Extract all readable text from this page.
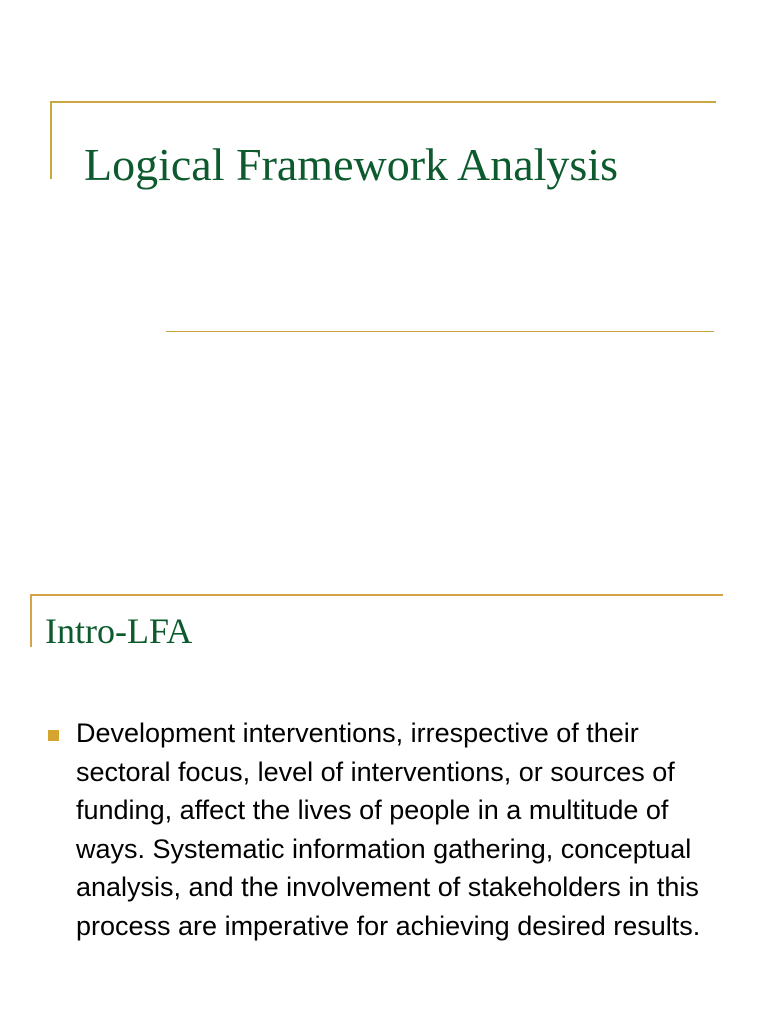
Logical Framework Analysis
Intro-LFA
Development interventions, irrespective of their sectoral focus, level of interventions, or sources of funding, affect the lives of people in a multitude of ways. Systematic information gathering, conceptual analysis, and the involvement of stakeholders in this process are imperative for achieving desired results.
